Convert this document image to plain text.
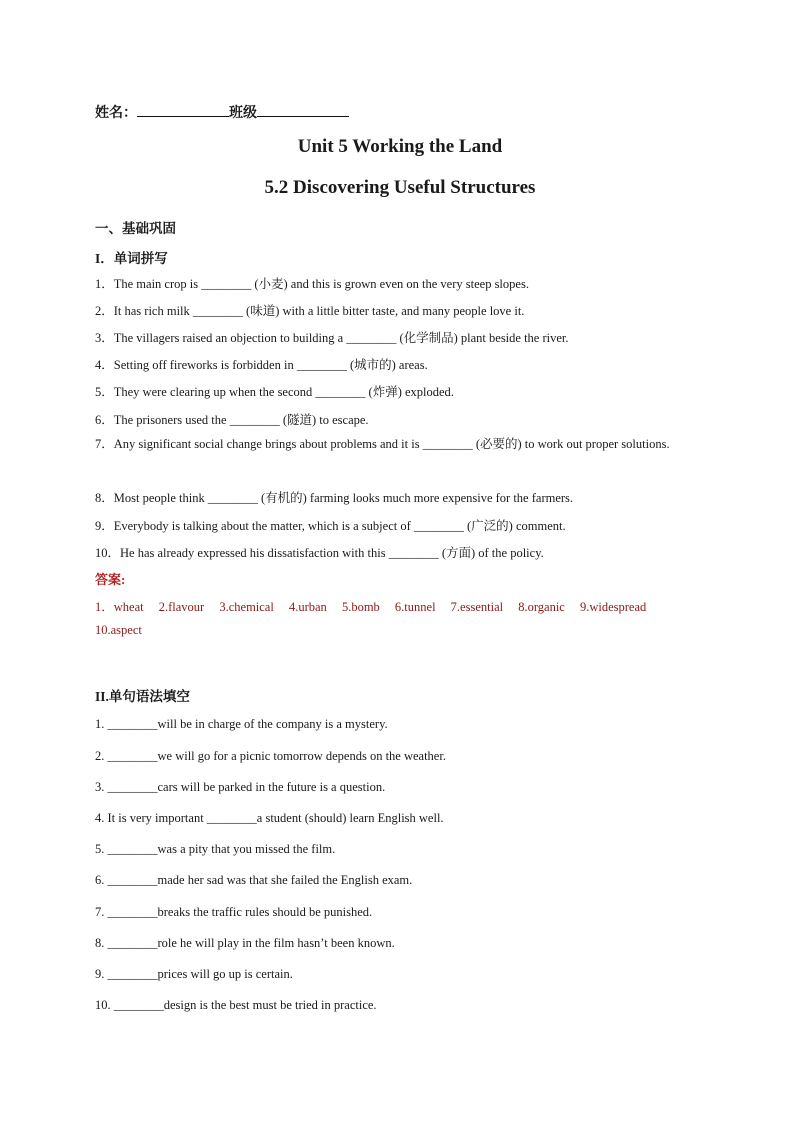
姓名：	班级
Unit 5 Working the Land
5.2 Discovering Useful Structures
一、基础巩固
I．单词拼写
1．The main crop is ________ (小麦) and this is grown even on the very steep slopes.
2．It has rich milk ________ (味道) with a little bitter taste, and many people love it.
3．The villagers raised an objection to building a ________ (化学制品) plant beside the river.
4．Setting off fireworks is forbidden in ________ (城市的) areas.
5．They were clearing up when the second ________ (炸弹) exploded.
6．The prisoners used the ________ (隧道) to escape.
7．Any significant social change brings about problems and it is ________ (必要的) to work out proper solutions.
8．Most people think ________ (有机的) farming looks much more expensive for the farmers.
9．Everybody is talking about the matter, which is a subject of ________ (广泛的) comment.
10．He has already expressed his dissatisfaction with this ________ (方面) of the policy.
答案:
1．wheat 2.flavour 3.chemical 4.urban 5.bomb 6.tunnel 7.essential 8.organic 9.widespread
10.aspect
II.单句语法填空
1. ________will be in charge of the company is a mystery.
2. ________we will go for a picnic tomorrow depends on the weather.
3. ________cars will be parked in the future is a question.
4. It is very important ________a student (should) learn English well.
5. ________was a pity that you missed the film.
6. ________made her sad was that she failed the English exam.
7. ________breaks the traffic rules should be punished.
8. ________role he will play in the film hasn’t been known.
9. ________prices will go up is certain.
10. ________design is the best must be tried in practice.
